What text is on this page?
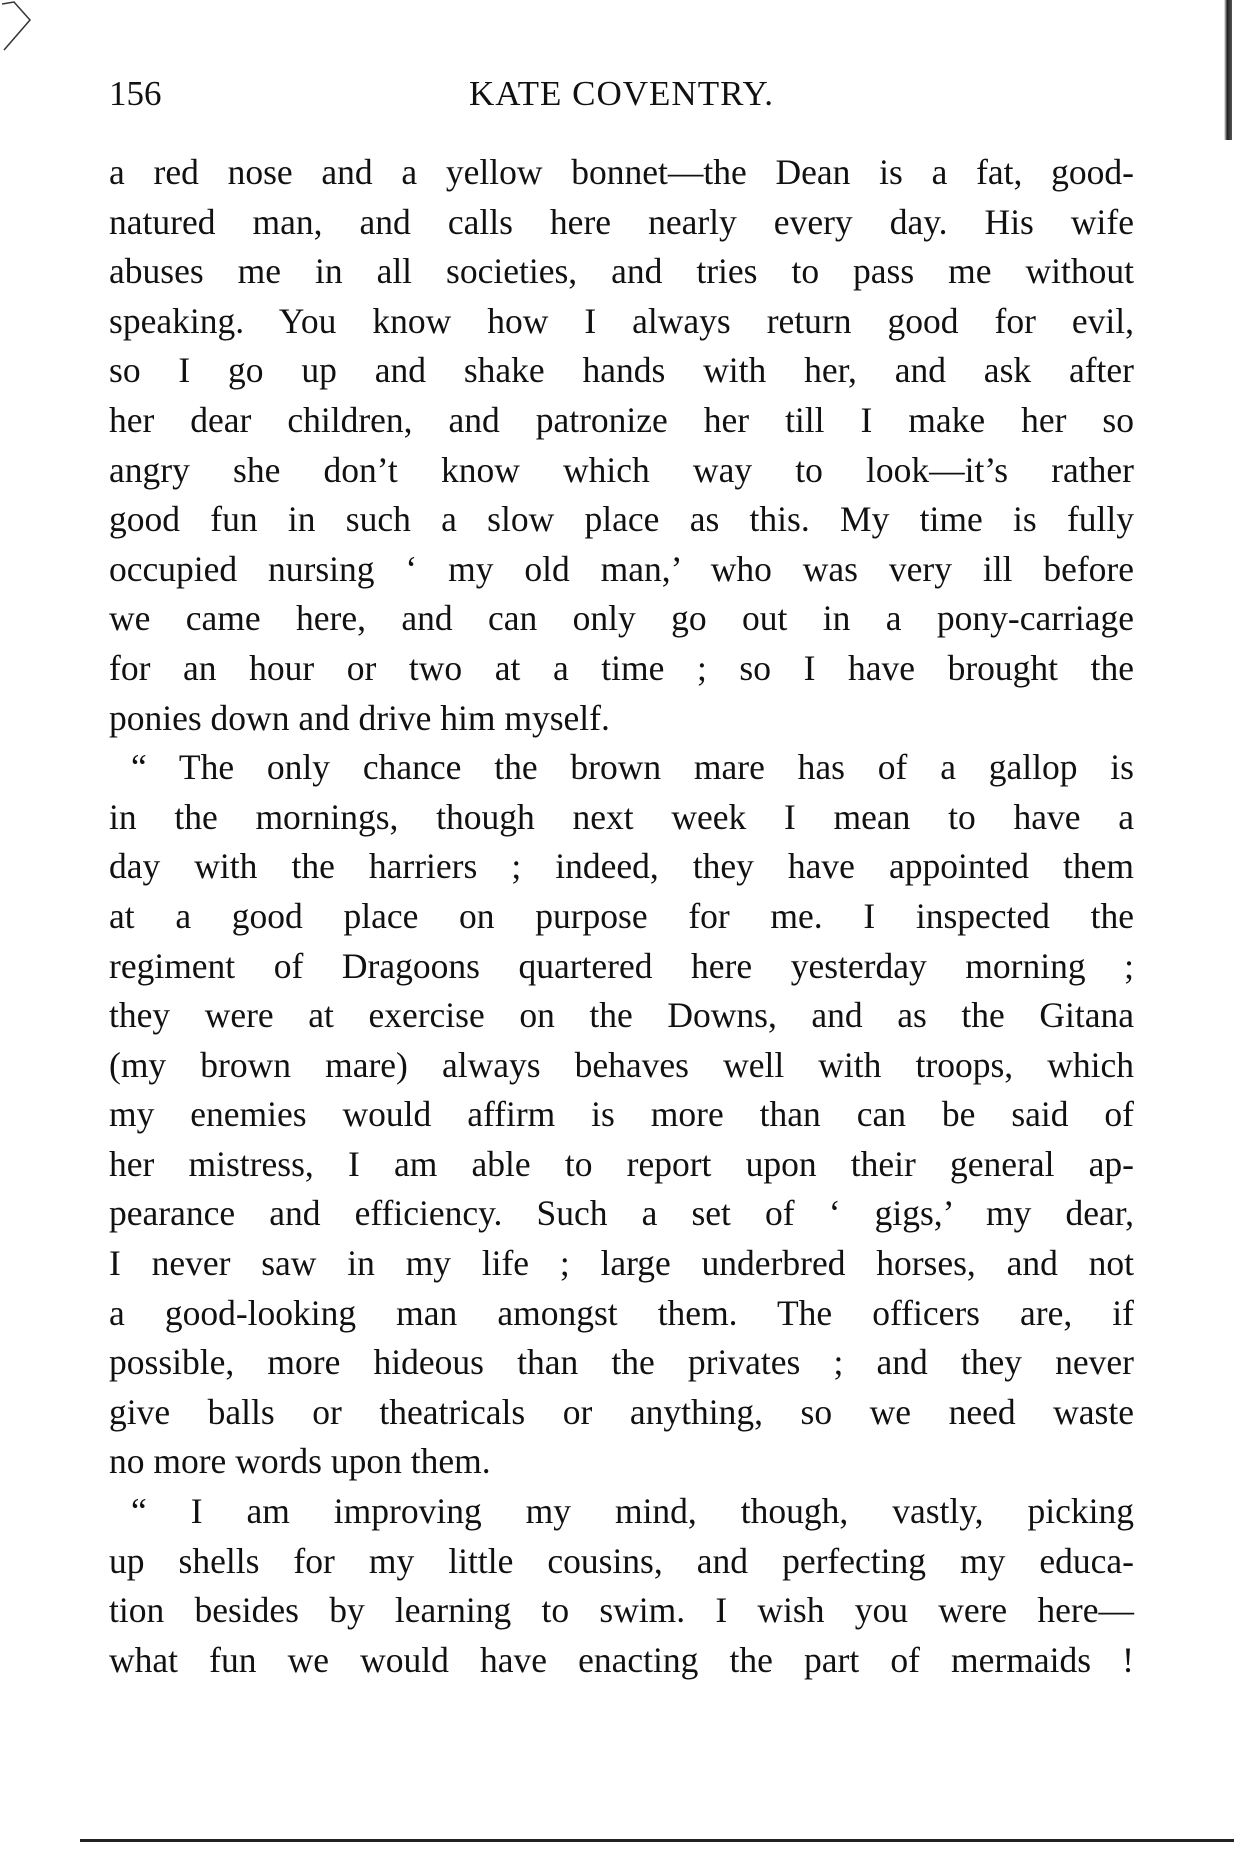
156	KATE COVENTRY.
a red nose and a yellow bonnet—the Dean is a fat, good-
natured man, and calls here nearly every day. His wife
abuses me in all societies, and tries to pass me without
speaking. You know how I always return good for evil,
so I go up and shake hands with her, and ask after
her dear children, and patronize her till I make her so
angry she don’t know which way to look—it’s rather
good fun in such a slow place as this. My time is fully
occupied nursing ‘ my old man,’ who was very ill before
we came here, and can only go out in a pony-carriage
for an hour or two at a time ; so I have brought the
ponies down and drive him myself.
“ The only chance the brown mare has of a gallop is
in the mornings, though next week I mean to have a
day with the harriers ; indeed, they have appointed them
at a good place on purpose for me. I inspected the
regiment of Dragoons quartered here yesterday morning ;
they were at exercise on the Downs, and as the Gitana
(my brown mare) always behaves well with troops, which
my enemies would affirm is more than can be said of
her mistress, I am able to report upon their general ap-
pearance and efficiency. Such a set of ‘ gigs,’ my dear,
I never saw in my life ; large underbred horses, and not
a good-looking man amongst them. The officers are, if
possible, more hideous than the privates ; and they never
give balls or theatricals or anything, so we need waste
no more words upon them.
“ I am improving my mind, though, vastly, picking
up shells for my little cousins, and perfecting my educa-
tion besides by learning to swim. I wish you were here—
what fun we would have enacting the part of mermaids !
